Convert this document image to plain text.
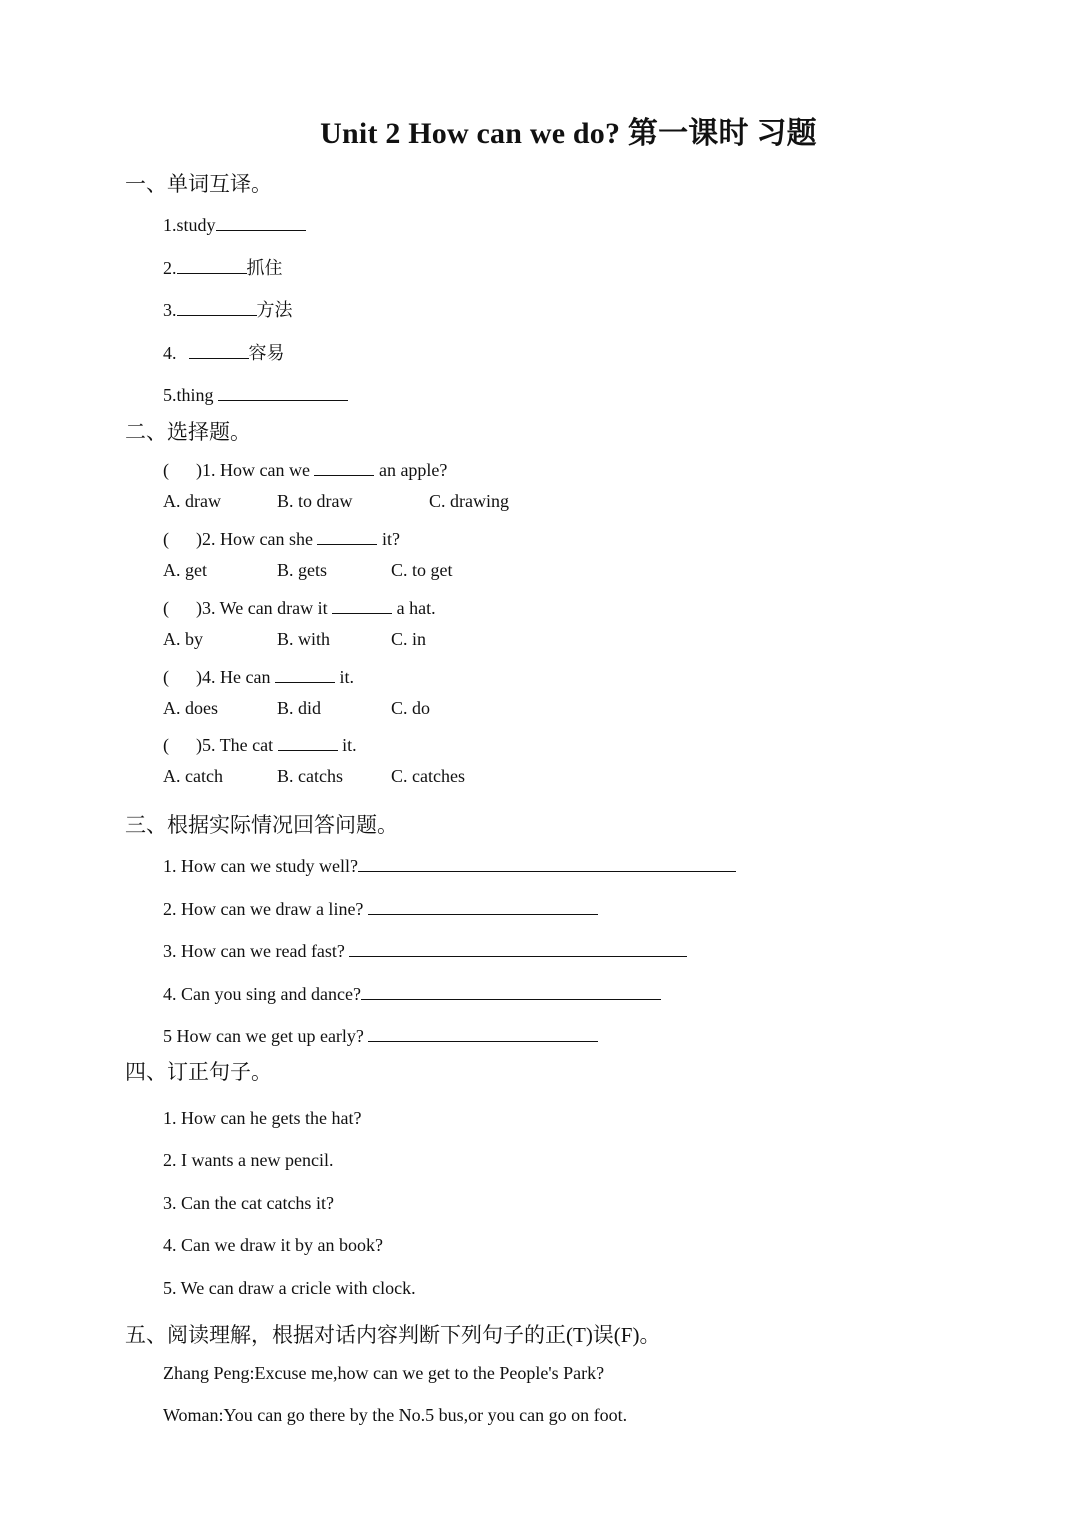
Unit 2 How can we do? 第一课时 习题
一、单词互译。
1.study
2.	抓住
3.	方法
4.	容易
5.thing
二、选择题。
(      )1. How can we	an apple?
A. draw	B. to draw	C. drawing
(      )2. How can she	it?
A. get	B. gets	C. to get
(      )3. We can draw it	a hat.
A. by	B. with	C. in
(      )4. He can	it.
A. does	B. did	C. do
(      )5. The cat	it.
A. catch	B. catchs	C. catches
三、根据实际情况回答问题。
1. How can we study well?
2. How can we draw a line?
3. How can we read fast?
4. Can you sing and dance?
5 How can we get up early?
四、订正句子。
1. How can he gets the hat?
2. I wants a new pencil.
3. Can the cat catchs it?
4. Can we draw it by an book?
5. We can draw a cricle with clock.
五、阅读理解，根据对话内容判断下列句子的正(T)误(F)。
Zhang Peng:Excuse me,how can we get to the People's Park?
Woman:You can go there by the No.5 bus,or you can go on foot.
